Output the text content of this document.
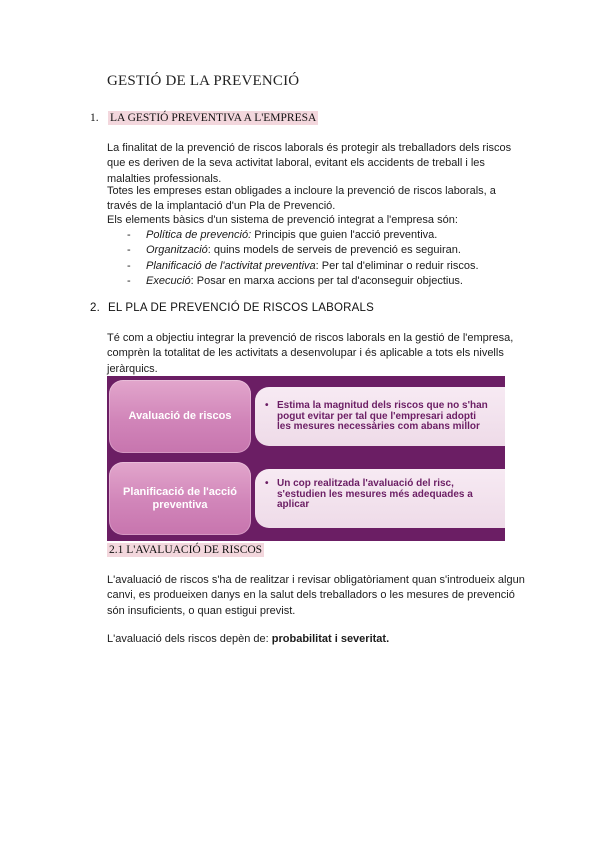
GESTIÓ DE LA PREVENCIÓ
1. LA GESTIÓ PREVENTIVA A L'EMPRESA
La finalitat de la prevenció de riscos laborals és protegir als treballadors dels riscos que es deriven de la seva activitat laboral, evitant els accidents de treball i les malalties professionals.
Totes les empreses estan obligades a incloure la prevenció de riscos laborals, a través de la implantació d'un Pla de Prevenció.
Els elements bàsics d'un sistema de prevenció integrat a l'empresa són:
- Política de prevenció: Principis que guien l'acció preventiva.
- Organització: quins models de serveis de prevenció es seguiran.
- Planificació de l'activitat preventiva: Per tal d'eliminar o reduir riscos.
- Execució: Posar en marxa accions per tal d'aconseguir objectius.
2. EL PLA DE PREVENCIÓ DE RISCOS LABORALS
Té com a objectiu integrar la prevenció de riscos laborals en la gestió de l'empresa, comprèn la totalitat de les activitats a desenvolupar i és aplicable a tots els nivells jeràrquics.
Avaluació de riscos
• Estima la magnitud dels riscos que no s'han pogut evitar per tal que l'empresari adopti les mesures necessàries com abans millor
Planificació de l'acció preventiva
• Un cop realitzada l'avaluació del risc, s'estudien les mesures més adequades a aplicar
2.1 L'AVALUACIÓ DE RISCOS
L'avaluació de riscos s'ha de realitzar i revisar obligatòriament quan s'introdueix algun canvi, es produeixen danys en la salut dels treballadors o les mesures de prevenció són insuficients, o quan estigui previst.
L'avaluació dels riscos depèn de: probabilitat i severitat.
